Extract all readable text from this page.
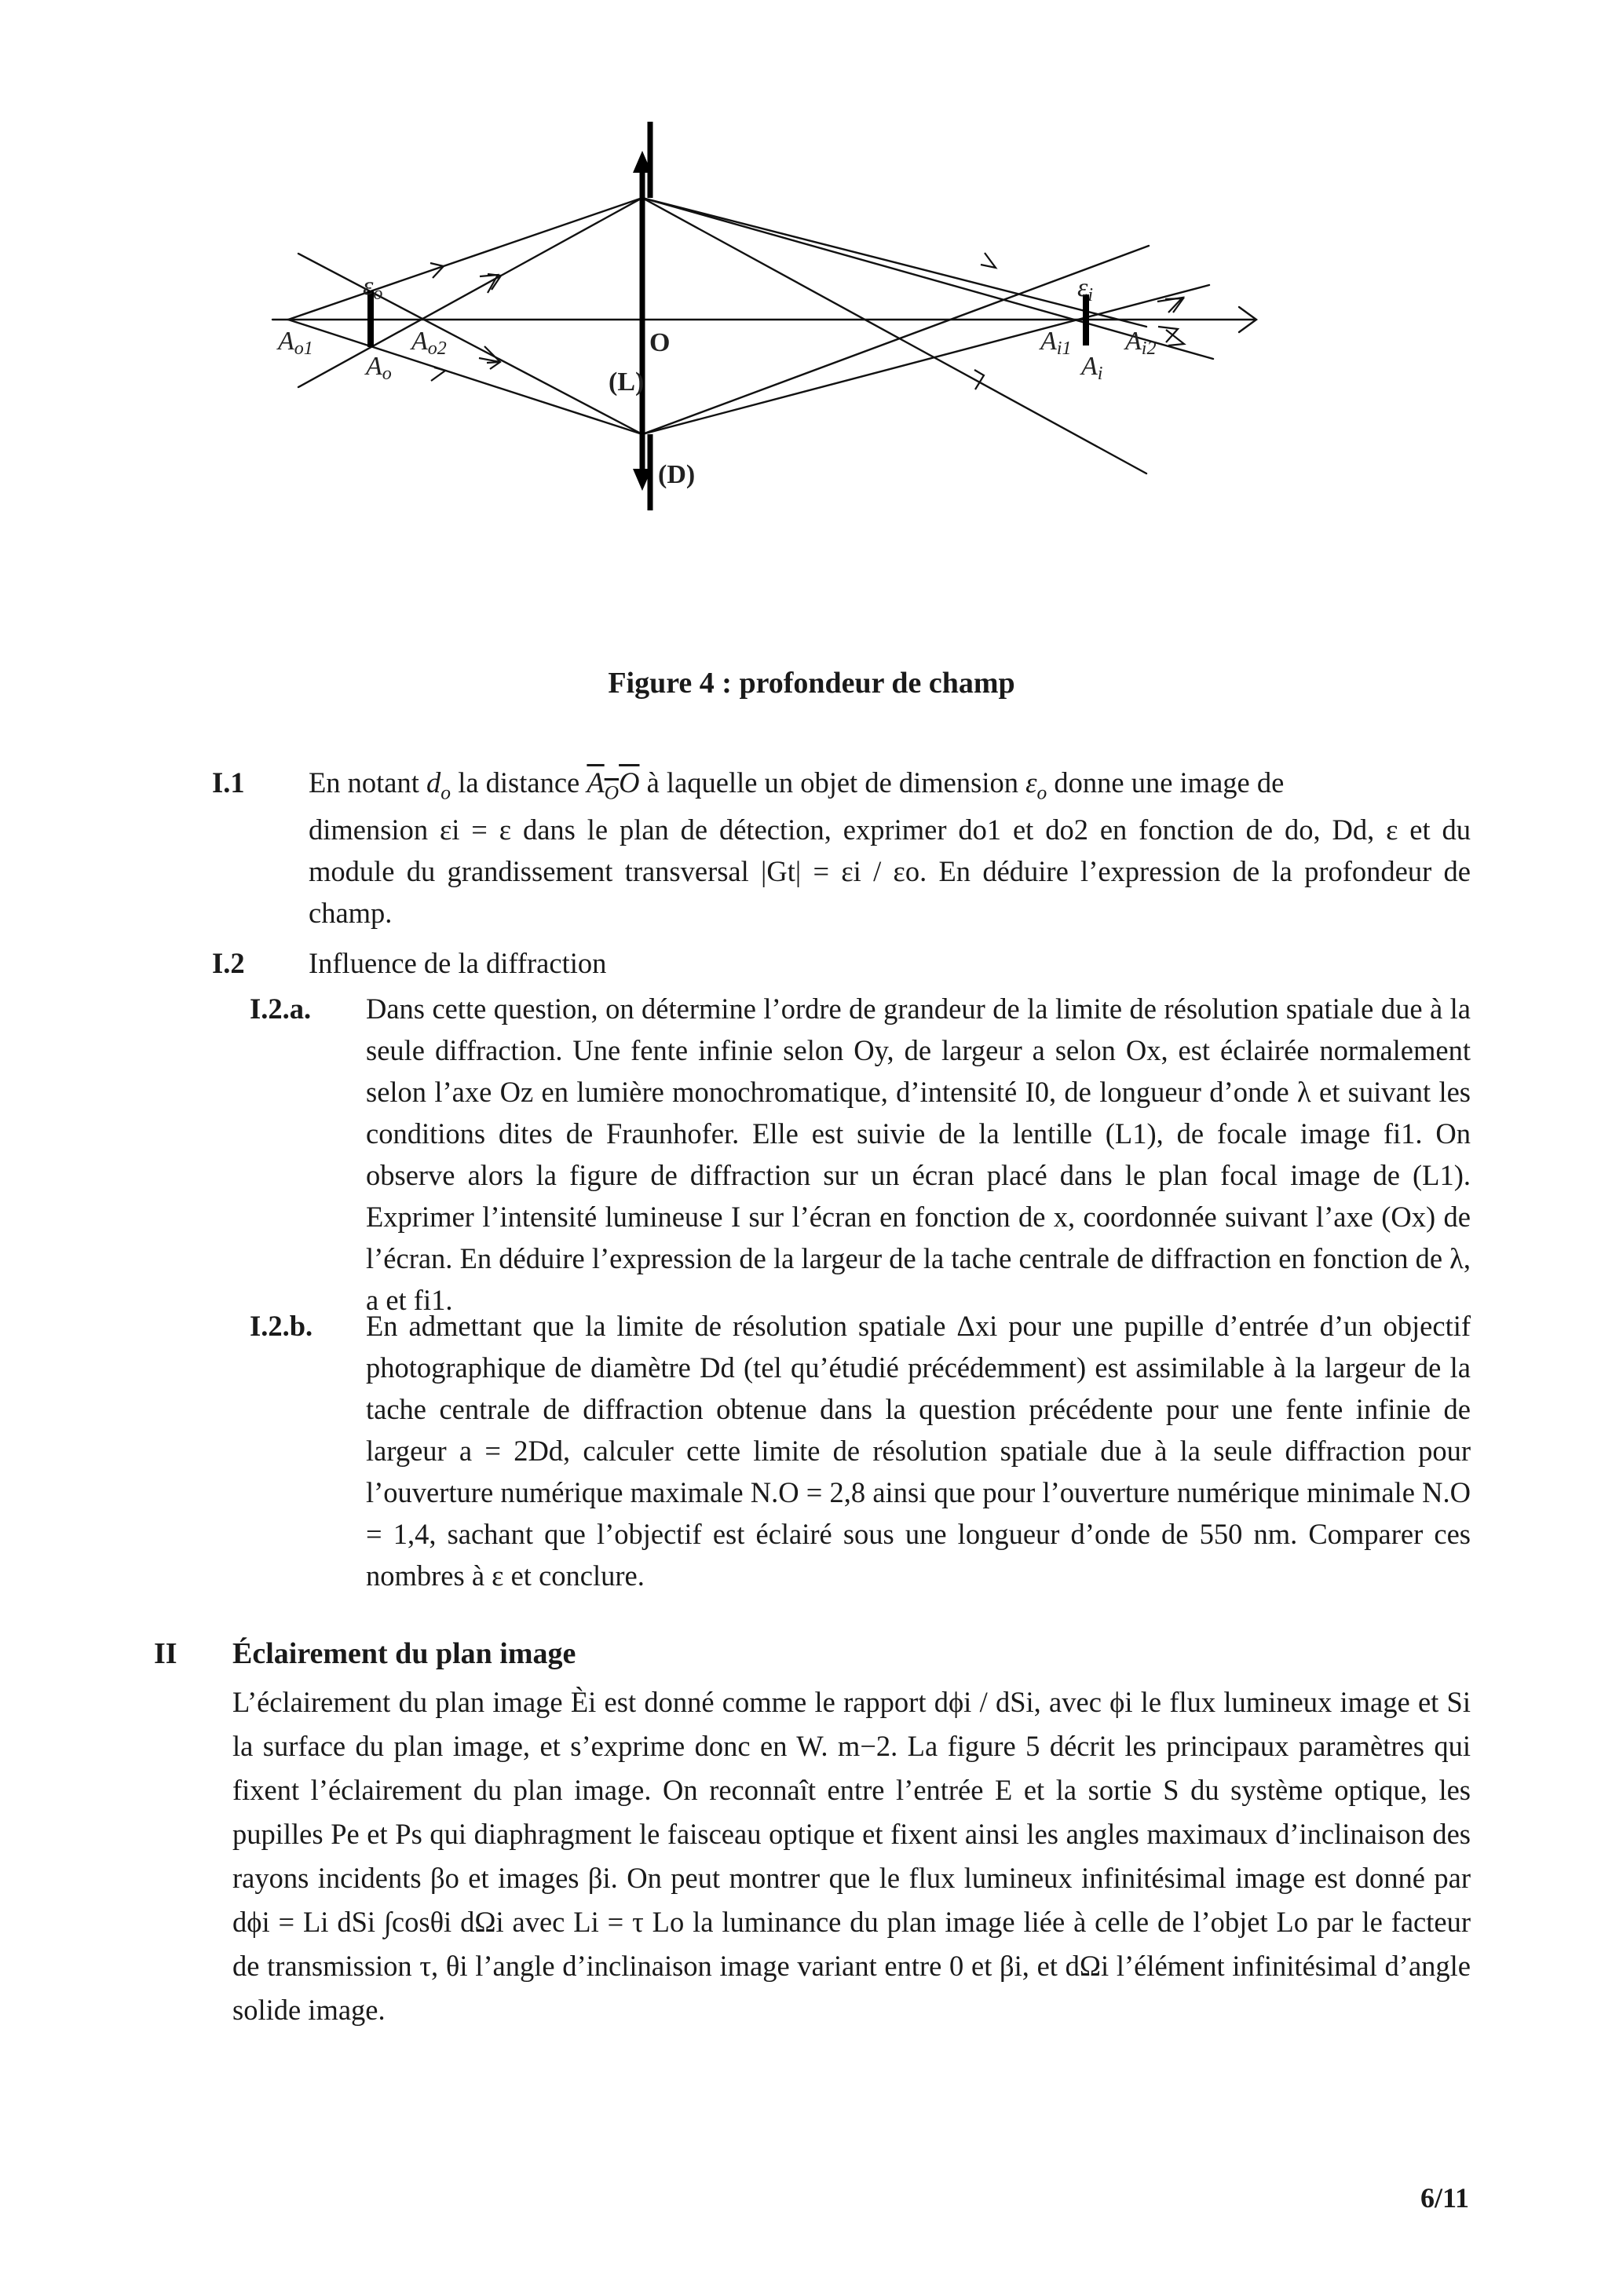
$\varepsilon_o$
$A_{o1}$
$A_o$
$A_{o2}$	O
(L)
(D)
$\varepsilon_i$
$A_{i1}$
$A_i$
$A_{i2}$
Figure 4 : profondeur de champ
I.1 En notant $d_o$ la distance $A_OO$ à laquelle un objet de dimension $\varepsilon_o$ donne une image de
dimension εi = ε dans le plan de détection, exprimer do1 et do2 en fonction de do, Dd, ε et du module du grandissement transversal |Gt| = εi / εo. En déduire l’expression de la profondeur de champ.
I.2 Influence de la diffraction
I.2.a. Dans cette question, on détermine l’ordre de grandeur de la limite de résolution spatiale due à la seule diffraction. Une fente infinie selon Oy, de largeur a selon Ox, est éclairée normalement selon l’axe Oz en lumière monochromatique, d’intensité I0, de longueur d’onde λ et suivant les conditions dites de Fraunhofer. Elle est suivie de la lentille (L1), de focale image fi1. On observe alors la figure de diffraction sur un écran placé dans le plan focal image de (L1). Exprimer l’intensité lumineuse I sur l’écran en fonction de x, coordonnée suivant l’axe (Ox) de l’écran. En déduire l’expression de la largeur de la tache centrale de diffraction en fonction de λ, a et fi1.
I.2.b. En admettant que la limite de résolution spatiale Δxi pour une pupille d’entrée d’un objectif photographique de diamètre Dd (tel qu’étudié précédemment) est assimilable à la largeur de la tache centrale de diffraction obtenue dans la question précédente pour une fente infinie de largeur a = 2Dd, calculer cette limite de résolution spatiale due à la seule diffraction pour l’ouverture numérique maximale N.O = 2,8 ainsi que pour l’ouverture numérique minimale N.O = 1,4, sachant que l’objectif est éclairé sous une longueur d’onde de 550 nm. Comparer ces nombres à ε et conclure.
II Éclairement du plan image
L’éclairement du plan image Èi est donné comme le rapport dϕi / dSi, avec ϕi le flux lumineux image et Si la surface du plan image, et s’exprime donc en W. m−2. La figure 5 décrit les principaux paramètres qui fixent l’éclairement du plan image. On reconnaît entre l’entrée E et la sortie S du système optique, les pupilles Pe et Ps qui diaphragment le faisceau optique et fixent ainsi les angles maximaux d’inclinaison des rayons incidents βo et images βi. On peut montrer que le flux lumineux infinitésimal image est donné par dϕi = Li dSi ∫cosθi dΩi avec Li = τ Lo la luminance du plan image liée à celle de l’objet Lo par le facteur de transmission τ, θi l’angle d’inclinaison image variant entre 0 et βi, et dΩi l’élément infinitésimal d’angle solide image.
6/11
